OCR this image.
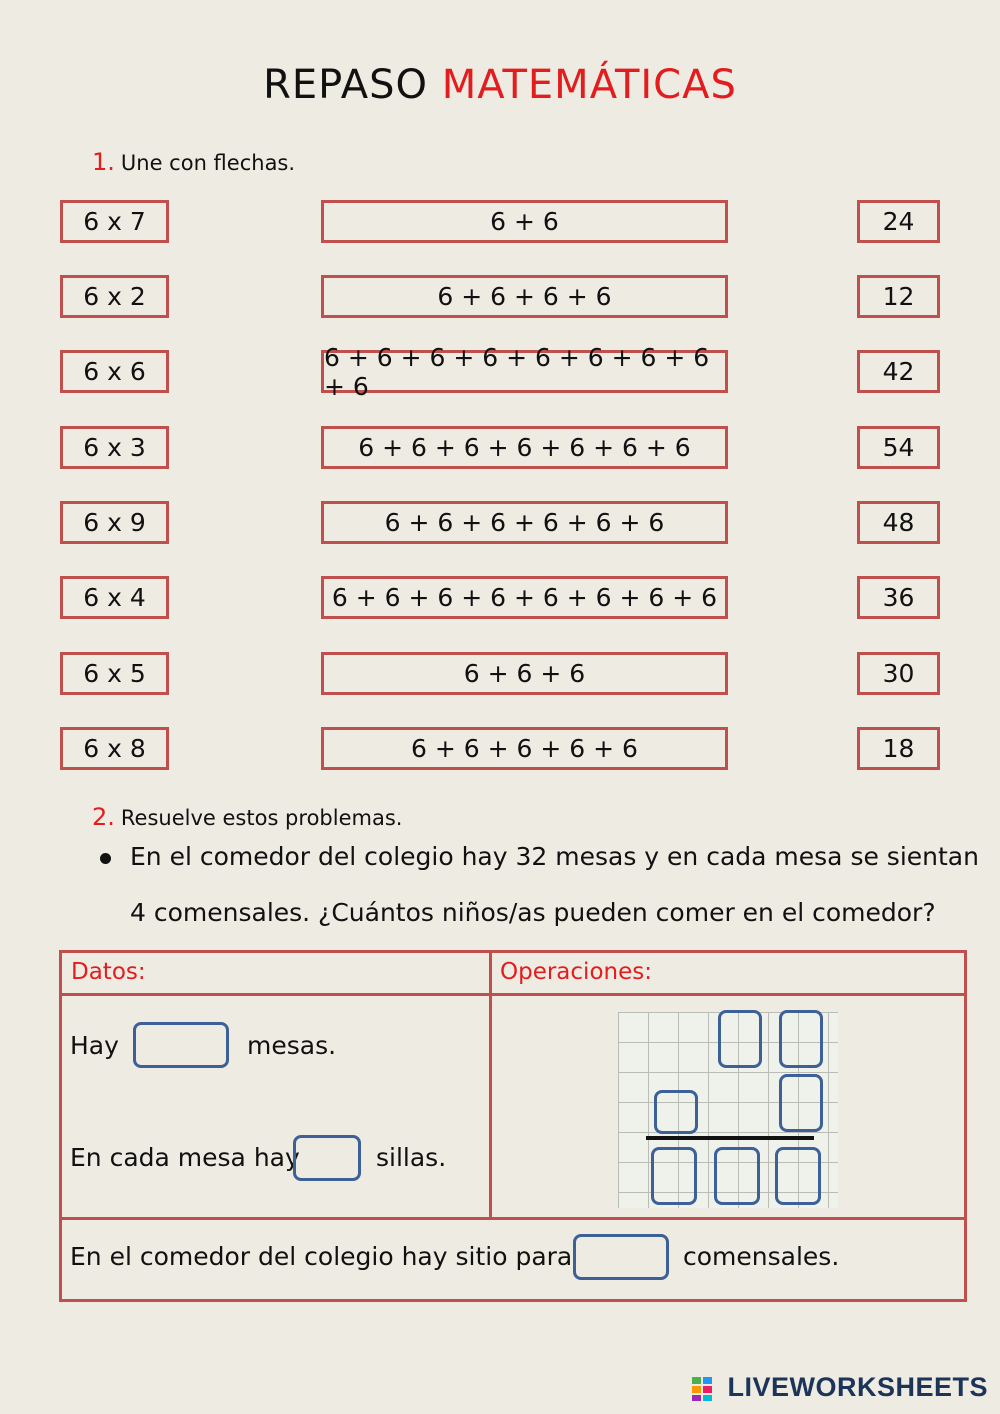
REPASO MATEMÁTICAS
1. Une con flechas.
6 x 7	6 + 6	24
6 x 2	6 + 6 + 6 + 6	12
6 x 6	6 + 6 + 6 + 6 + 6 + 6 + 6 + 6 + 6	42
6 x 3	6 + 6 + 6 + 6 + 6 + 6 + 6	54
6 x 9	6 + 6 + 6 + 6 + 6 + 6	48
6 x 4	6 + 6 + 6 + 6 + 6 + 6 + 6 + 6	36
6 x 5	6 + 6 + 6	30
6 x 8	6 + 6 + 6 + 6 + 6	18
2. Resuelve estos problemas.
En el comedor del colegio hay 32 mesas y en cada mesa se sientan
4 comensales. ¿Cuántos niños/as pueden comer en el comedor?
Datos:	Operaciones:
Hay	mesas.
En cada mesa hay	sillas.
En el comedor del colegio hay sitio para	comensales.
LIVEWORKSHEETS
